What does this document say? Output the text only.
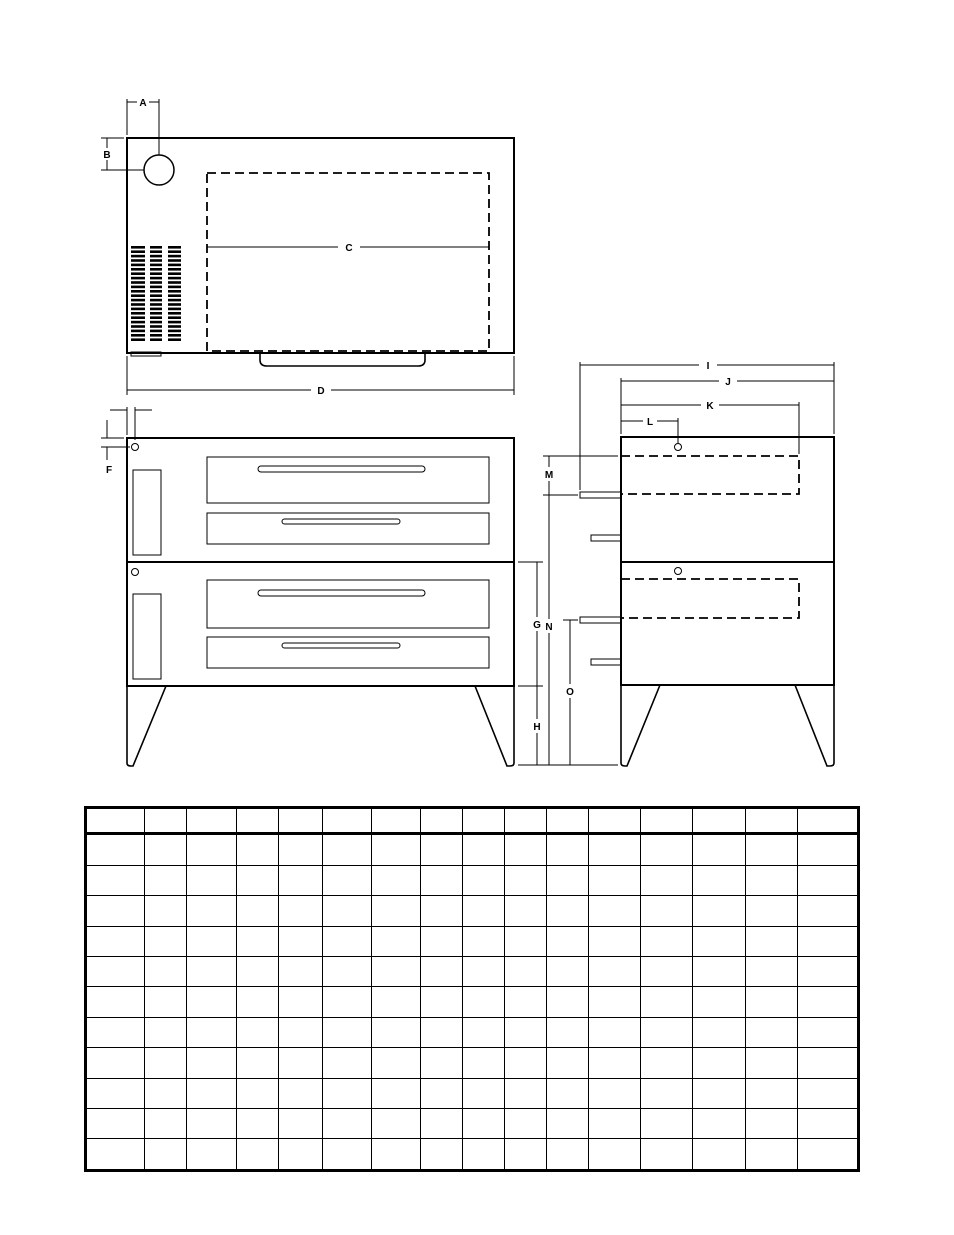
A
B
C
D
F
G
H
I
J
K
L
M
N
O
